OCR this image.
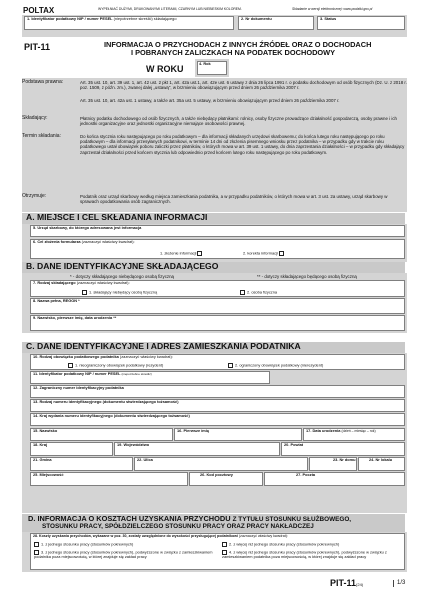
POLTAX	WYPEŁNIAĆ DUŻYMI, DRUKOWANYMI LITERAMI, CZARNYM LUB NIEBIESKIM KOLOREM.	Składanie w wersji elektronicznej: www.podatki.gov.pl
1. Identyfikator podatkowy NIP / numer PESEL (niepotrzebne skreślić) składającego	2. Nr dokumentu	3. Status
PIT-11	INFORMACJA O PRZYCHODACH Z INNYCH ŹRÓDEŁ ORAZ O DOCHODACH
I POBRANYCH ZALICZKACH NA PODATEK DOCHODOWY
W ROKU
4. Rok
Podstawa prawna:	Art. 35 ust. 10, art. 39 ust. 1, art. 42 ust. 2 pkt 1, art. 42a ust.1, art. 42e ust. 6 ustawy z dnia 26 lipca 1991 r. o podatku dochodowym od osób fizycznych (Dz. U. z 2018 r. poz. 1509, z późn. zm.), zwanej dalej „ustawą", w brzmieniu obowiązującym przed dniem 26 października 2007 r.
Art. 35 ust. 10, art. 42a ust. 1 ustawy, a także art. 35a ust. 5 ustawy, w brzmieniu obowiązującym przed dniem 26 października 2007 r.
Składający:	Płatnicy podatku dochodowego od osób fizycznych, a także niebędący płatnikami: rolnicy, osoby fizyczne prowadzące działalność gospodarczą, osoby prawne i ich jednostki organizacyjne oraz jednostki organizacyjne niemające osobowości prawnej.
Termin składania:	Do końca stycznia roku następującego po roku podatkowym – dla informacji składanych urzędowi skarbowemu; do końca lutego roku następującego po roku podatkowym – dla informacji przesyłanych podatnikowi, w terminie 14 dni od złożenia pisemnego wniosku przez podatnika – w przypadku gdy w trakcie roku podatkowego ustał obowiązek poboru zaliczki przez płatników, o których mowa w art. 39 ust. 1 ustawy, do dnia zaprzestania działalności – w przypadku gdy składający zaprzestał działalności przed końcem stycznia lub odpowiednio przed końcem lutego roku następującego po roku podatkowym.
Otrzymuje:	Podatnik oraz urząd skarbowy według miejsca zamieszkania podatnika, a w przypadku podatników, o których mowa w art. 3 ust. 2a ustawy, urząd skarbowy w sprawach opodatkowania osób zagranicznych.
A. MIEJSCE I CEL SKŁADANIA INFORMACJI
5. Urząd skarbowy, do którego adresowana jest informacja
6. Cel złożenia formularza (zaznaczyć właściwy kwadrat):
1. złożenie informacji	2. korekta informacji
B. DANE IDENTYFIKACYJNE SKŁADAJĄCEGO
* - dotyczy składającego niebędącego osobą fizyczną	** - dotyczy składającego będącego osobą fizyczną
7. Rodzaj składającego (zaznaczyć właściwy kwadrat):
1. składający niebędący osobą fizyczną	2. osoba fizyczna
8. Nazwa pełna, REGON *
9. Nazwisko, pierwsze imię, data urodzenia **
C. DANE IDENTYFIKACYJNE I ADRES ZAMIESZKANIA PODATNIKA
10. Rodzaj obowiązku podatkowego podatnika (zaznaczyć właściwy kwadrat):
1. nieograniczony obowiązek podatkowy (rezydent)	2. ograniczony obowiązek podatkowy (nierezydent)
11. Identyfikator podatkowy NIP / numer PESEL (niepotrzebne skreślić)
12. Zagraniczny numer identyfikacyjny podatnika
13. Rodzaj numeru identyfikacyjnego (dokumentu stwierdzającego tożsamość)
14. Kraj wydania numeru identyfikacyjnego (dokumentu stwierdzającego tożsamość)
15. Nazwisko	16. Pierwsze imię	17. Data urodzenia (dzień – miesiąc – rok)
18. Kraj	19. Województwo	20. Powiat
21. Gmina	22. Ulica	23. Nr domu	24. Nr lokalu
25. Miejscowość	26. Kod pocztowy	27. Poczta
D. INFORMACJA O KOSZTACH UZYSKANIA PRZYCHODU Z TYTUŁU STOSUNKU SŁUŻBOWEGO,
STOSUNKU PRACY, SPÓŁDZIELCZEGO STOSUNKU PRACY ORAZ PRACY NAKŁADCZEJ
28. Koszty uzyskania przychodów, wykazane w poz. 30, zostały uwzględnione do wysokości przysługującej podatnikowi (zaznaczyć właściwy kwadrat):
1. z jednego stosunku pracy (stosunków pokrewnych)	2. z więcej niż jednego stosunku pracy (stosunków pokrewnych)
3. z jednego stosunku pracy (stosunków pokrewnych), podwyższone w związku z zamieszkiwaniem podatnika poza miejscowością, w której znajduje się zakład pracy
4. z więcej niż jednego stosunku pracy (stosunków pokrewnych), podwyższone w związku z zamieszkiwaniem podatnika poza miejscowością, w której znajduje się zakład pracy
PIT-11(24)	1/3
